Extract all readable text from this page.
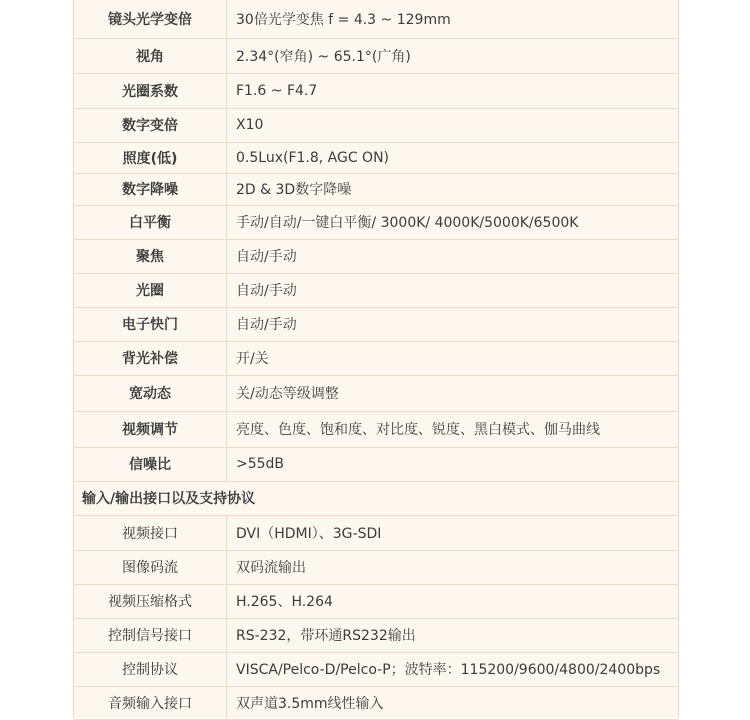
镜头光学变倍	30倍光学变焦 f = 4.3 ~ 129mm
视角	2.34°(窄角) ~ 65.1°(广角)
光圈系数	F1.6 ~ F4.7
数字变倍	X10
照度(低)	0.5Lux(F1.8, AGC ON)
数字降噪	2D & 3D数字降噪
白平衡	手动/自动/一键白平衡/ 3000K/ 4000K/5000K/6500K
聚焦	自动/手动
光圈	自动/手动
电子快门	自动/手动
背光补偿	开/关
宽动态	关/动态等级调整
视频调节	亮度、色度、饱和度、对比度、锐度、黑白模式、伽马曲线
信噪比	>55dB
输入/输出接口以及支持协议	
视频接口	DVI（HDMI）、3G-SDI
图像码流	双码流输出
视频压缩格式	H.265、H.264
控制信号接口	RS-232，带环通RS232输出
控制协议	VISCA/Pelco-D/Pelco-P；波特率：115200/9600/4800/2400bps
音频输入接口	双声道3.5mm线性输入
